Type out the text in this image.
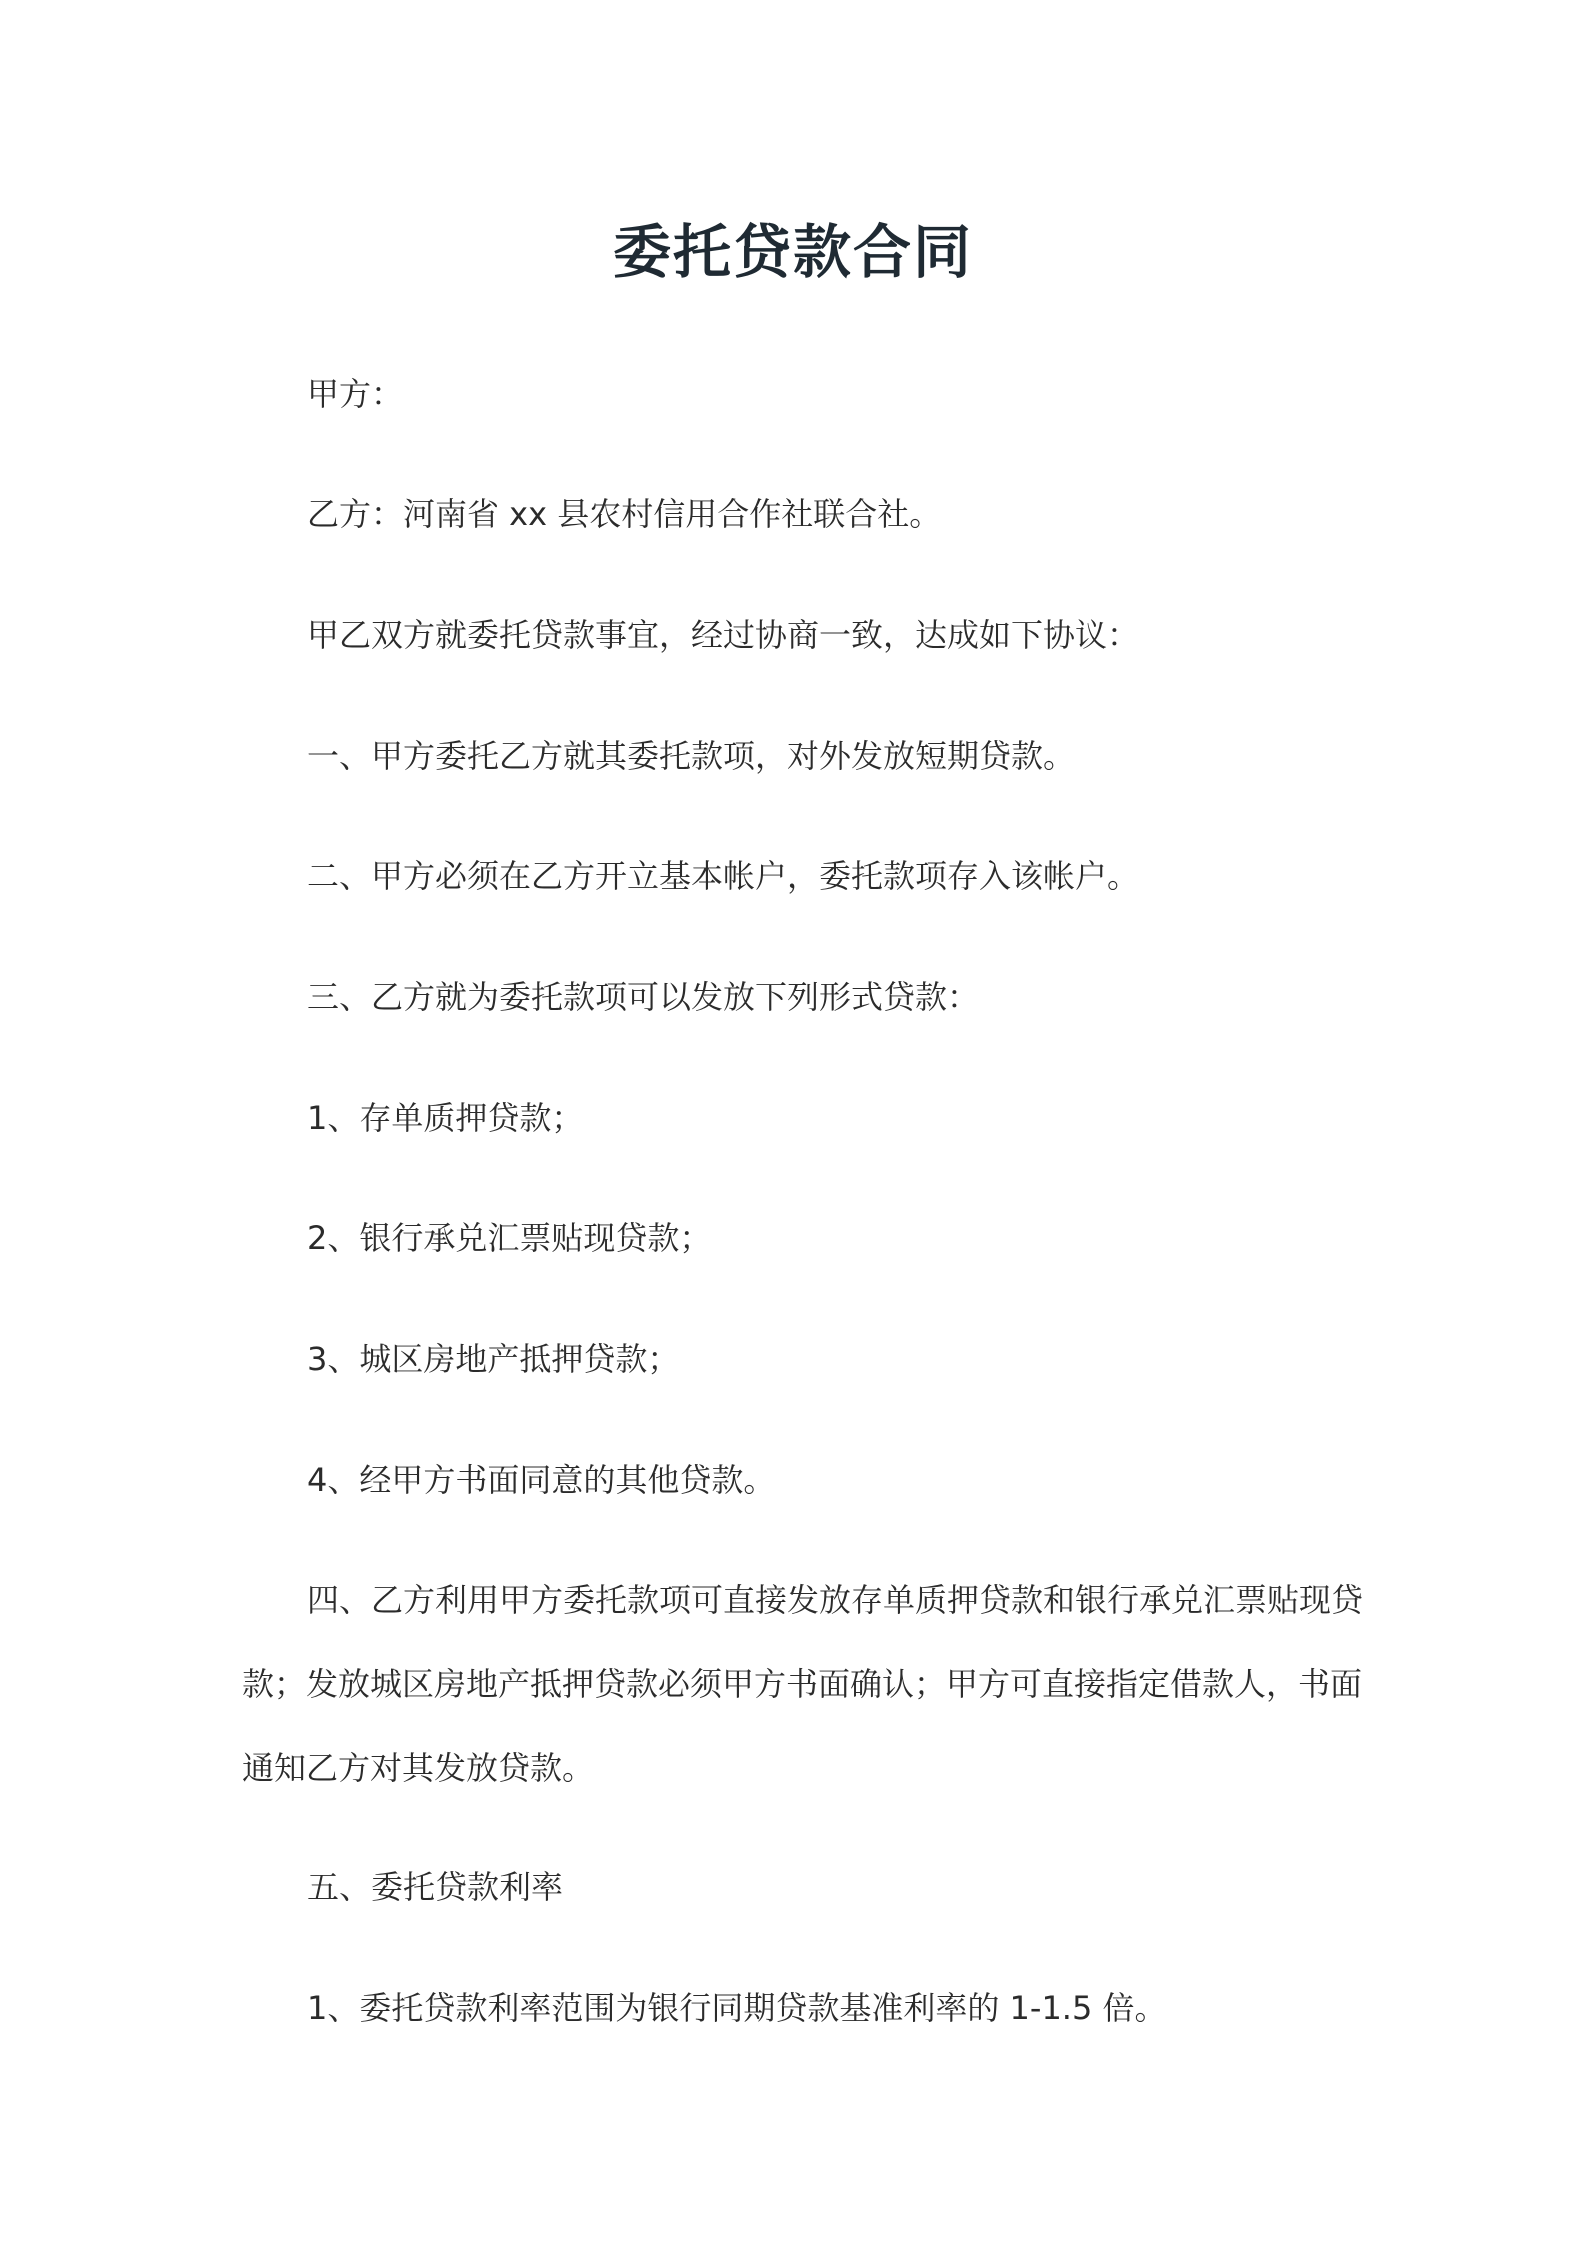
委托贷款合同

甲方：

乙方：河南省 xx 县农村信用合作社联合社。

甲乙双方就委托贷款事宜，经过协商一致，达成如下协议：

一、甲方委托乙方就其委托款项，对外发放短期贷款。

二、甲方必须在乙方开立基本帐户，委托款项存入该帐户。

三、乙方就为委托款项可以发放下列形式贷款：

1、存单质押贷款；

2、银行承兑汇票贴现贷款；

3、城区房地产抵押贷款；

4、经甲方书面同意的其他贷款。

四、乙方利用甲方委托款项可直接发放存单质押贷款和银行承兑汇票贴现贷
款；发放城区房地产抵押贷款必须甲方书面确认；甲方可直接指定借款人，书面
通知乙方对其发放贷款。

五、委托贷款利率

1、委托贷款利率范围为银行同期贷款基准利率的 1-1.5 倍。
